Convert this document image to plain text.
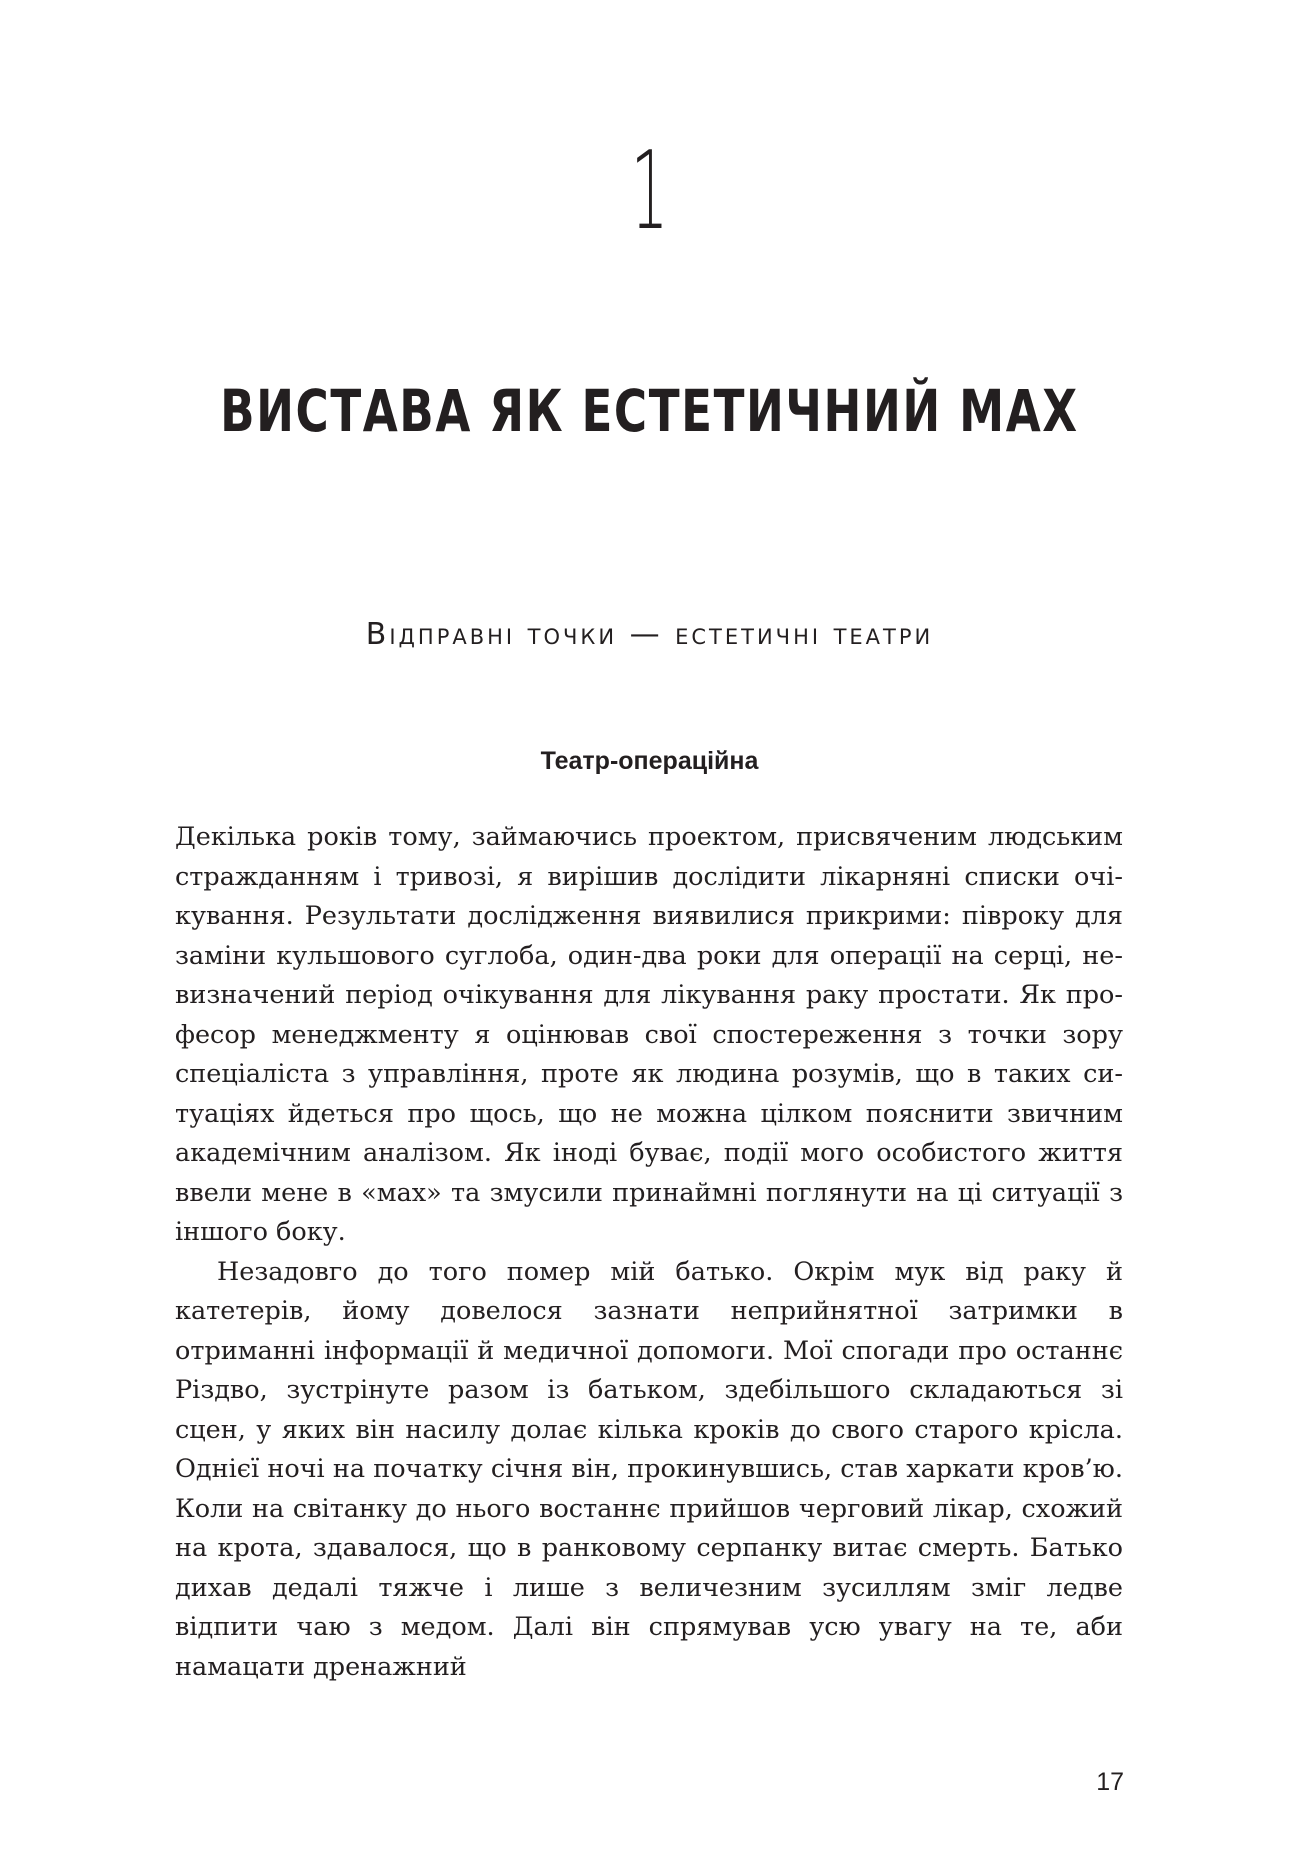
1
ВИСТАВА ЯК ЕСТЕТИЧНИЙ МАХ
Відправні точки — естетичні театри
Театр-операційна

Декілька років тому, займаючись проектом, присвяченим людським стражданням і тривозі, я вирішив дослідити лікарняні списки очікування. Результати дослідження виявилися прикрими: півроку для заміни кульшового суглоба, один-два роки для операції на серці, невизначений період очікування для лікування раку простати. Як професор менеджменту я оцінював свої спостереження з точки зору спеціаліста з управління, проте як людина розумів, що в таких ситуаціях йдеться про щось, що не можна цілком пояснити звичним академічним аналізом. Як іноді буває, події мого особистого життя ввели мене в «мах» та змусили принаймні поглянути на ці ситуації з іншого боку.

Незадовго до того помер мій батько. Окрім мук від раку й катетерів, йому довелося зазнати неприйнятної затримки в отриманні інформації й медичної допомоги. Мої спогади про останнє Різдво, зустрінуте разом із батьком, здебільшого складаються зі сцен, у яких він насилу долає кілька кроків до свого старого крісла. Однієї ночі на початку січня він, прокинувшись, став харкати кров’ю. Коли на світанку до нього востаннє прийшов черговий лікар, схожий на крота, здавалося, що в ранковому серпанку витає смерть. Батько дихав дедалі тяжче і лише з величезним зусиллям зміг ледве відпити чаю з медом. Далі він спрямував усю увагу на те, аби намацати дренажний

17
